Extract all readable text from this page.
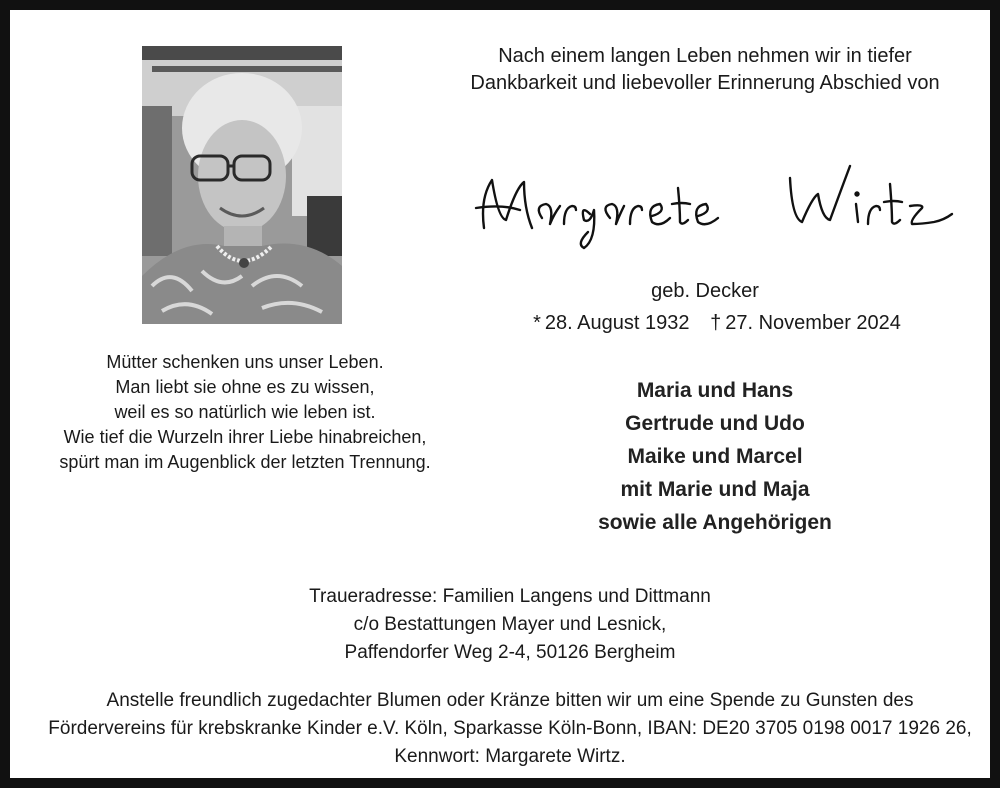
Nach einem langen Leben nehmen wir in tiefer
Dankbarkeit und liebevoller Erinnerung Abschied von
geb. Decker
* 28. August 1932 † 27. November 2024
Mütter schenken uns unser Leben.
Man liebt sie ohne es zu wissen,
weil es so natürlich wie leben ist.
Wie tief die Wurzeln ihrer Liebe hinabreichen,
spürt man im Augenblick der letzten Trennung.
Maria und Hans
Gertrude und Udo
Maike und Marcel
mit Marie und Maja
sowie alle Angehörigen
Traueradresse: Familien Langens und Dittmann
c/o Bestattungen Mayer und Lesnick,
Paffendorfer Weg 2-4, 50126 Bergheim
Anstelle freundlich zugedachter Blumen oder Kränze bitten wir um eine Spende zu Gunsten des
Fördervereins für krebskranke Kinder e.V. Köln, Sparkasse Köln-Bonn, IBAN: DE20 3705 0198 0017 1926 26,
Kennwort: Margarete Wirtz.
